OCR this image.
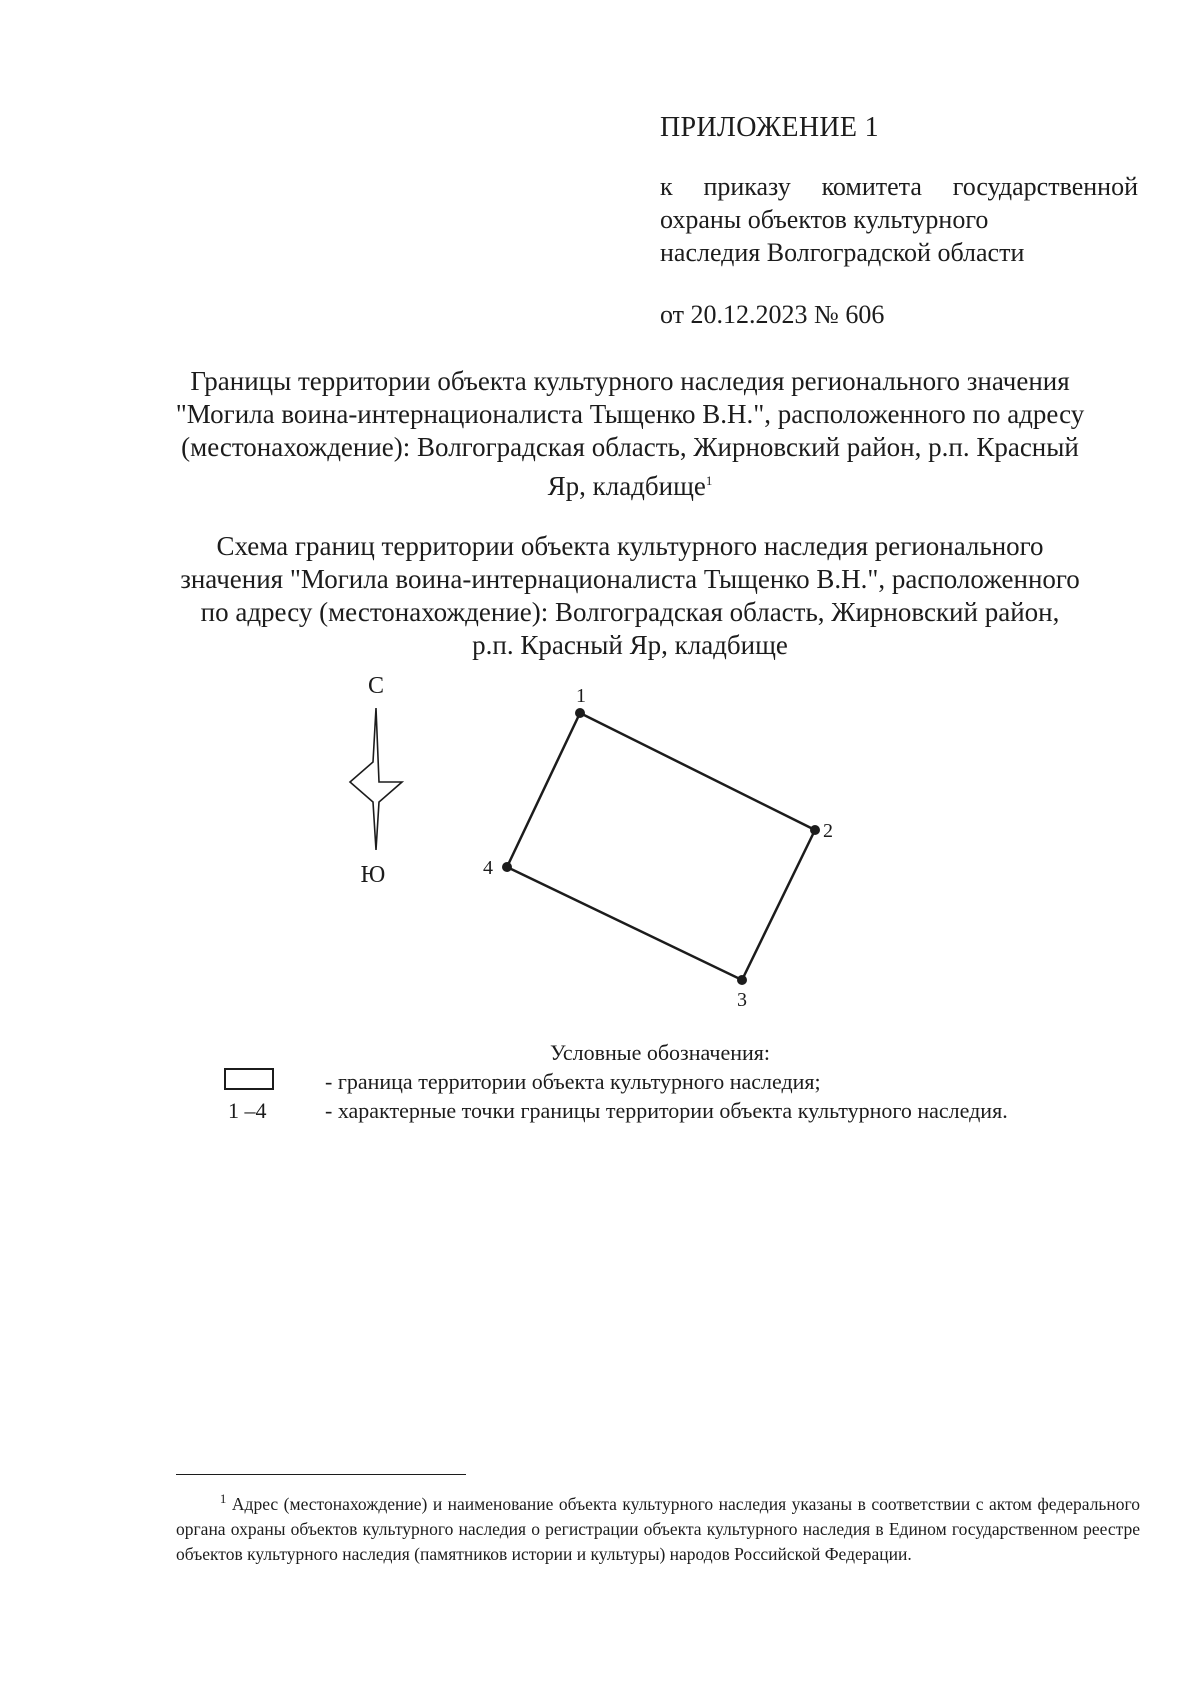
ПРИЛОЖЕНИЕ 1
к приказу комитета государственной
охраны объектов культурного
наследия Волгоградской области
от 20.12.2023 № 606
Границы территории объекта культурного наследия регионального значения
"Могила воина-интернационалиста Тыщенко В.Н.", расположенного по адресу
(местонахождение): Волгоградская область, Жирновский район, р.п. Красный
Яр, кладбище$^1$
Схема границ территории объекта культурного наследия регионального
значения "Могила воина-интернационалиста Тыщенко В.Н.", расположенного
по адресу (местонахождение): Волгоградская область, Жирновский район,
р.п. Красный Яр, кладбище
С
Ю
1
2
3
4
Условные обозначения:
- граница территории объекта культурного наследия;
1 –4	- характерные точки границы территории объекта культурного наследия.
$^1$ Адрес (местонахождение) и наименование объекта культурного наследия указаны в соответствии с актом федерального органа охраны объектов культурного наследия о регистрации объекта культурного наследия в Едином государственном реестре объектов культурного наследия (памятников истории и культуры) народов Российской Федерации.
